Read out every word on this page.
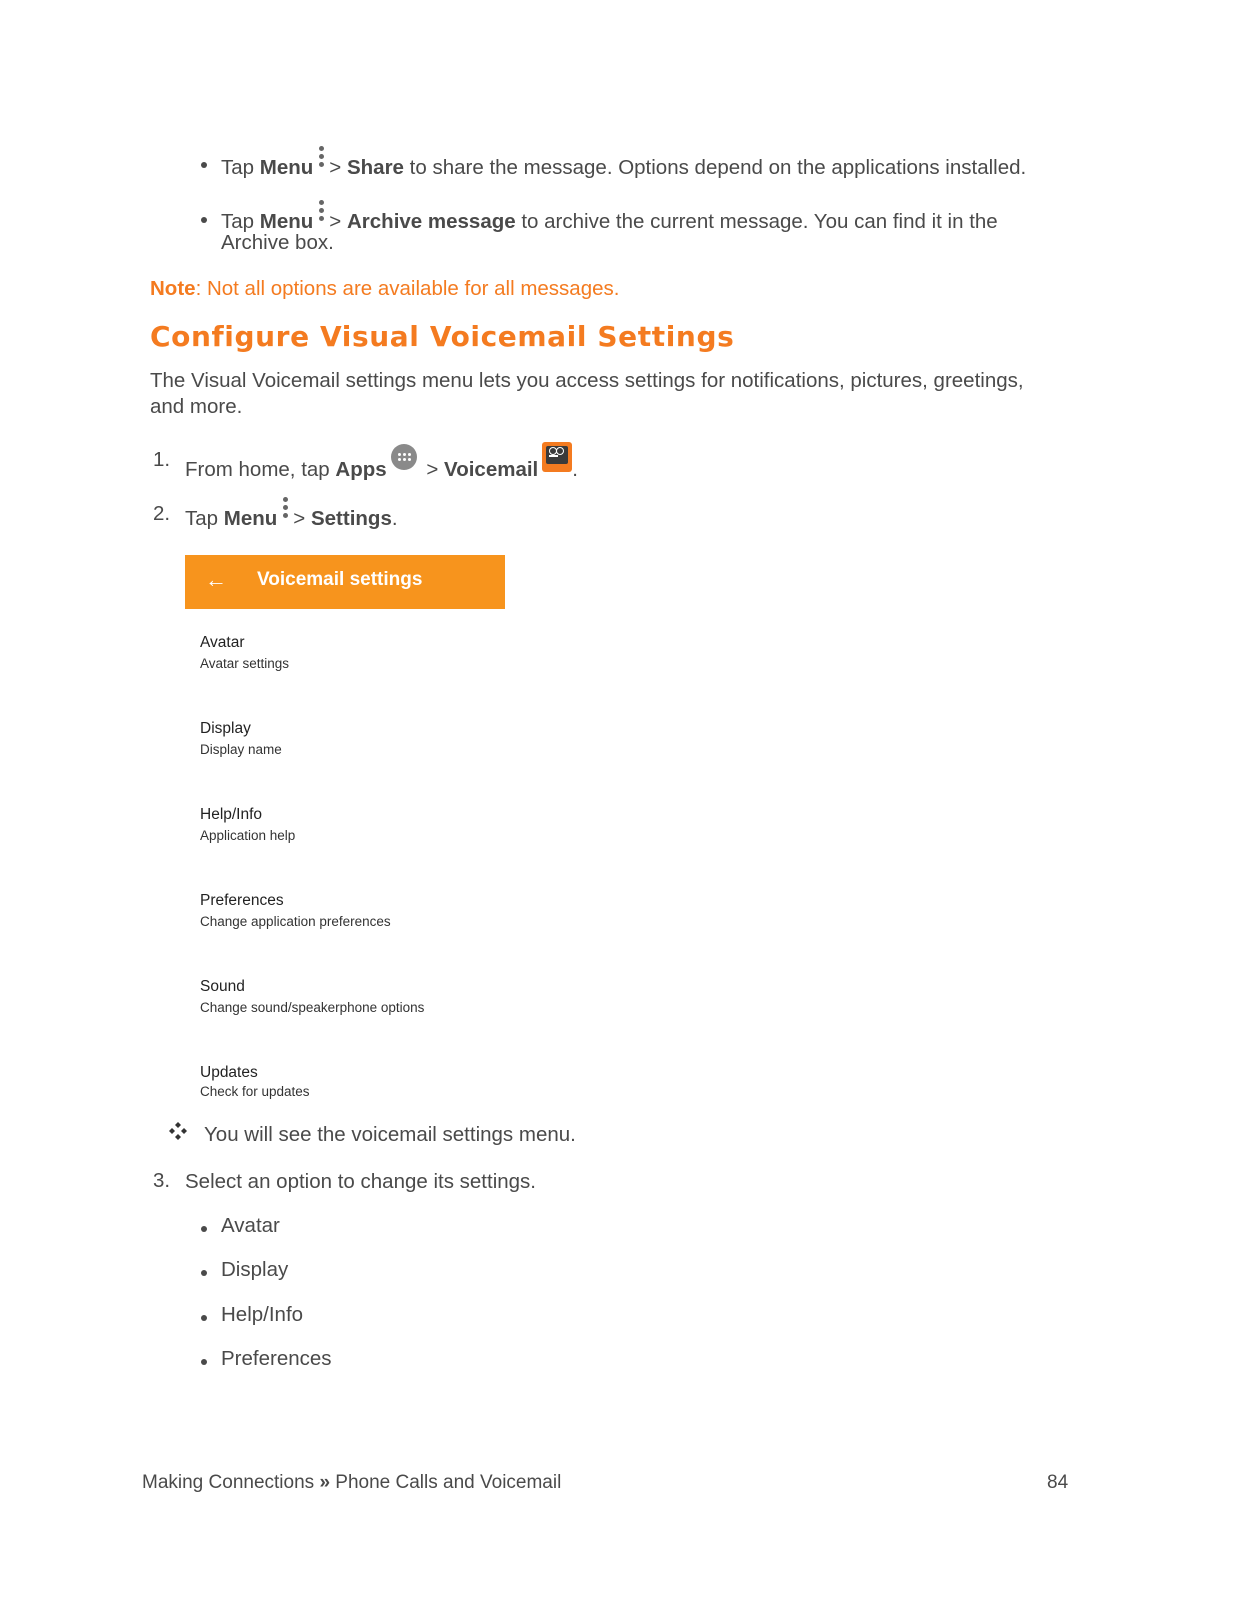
Tap Menu > Share to share the message. Options depend on the applications installed.
Tap Menu > Archive message to archive the current message. You can find it in the
Archive box.
Note: Not all options are available for all messages.
Configure Visual Voicemail Settings
The Visual Voicemail settings menu lets you access settings for notifications, pictures, greetings,
and more.
1. From home, tap Apps > Voicemail .
2. Tap Menu > Settings.
← Voicemail settings
Avatar
Avatar settings
Display
Display name
Help/Info
Application help
Preferences
Change application preferences
Sound
Change sound/speakerphone options
Updates
Check for updates
You will see the voicemail settings menu.
3. Select an option to change its settings.
Avatar
Display
Help/Info
Preferences
Making Connections » Phone Calls and Voicemail	84
